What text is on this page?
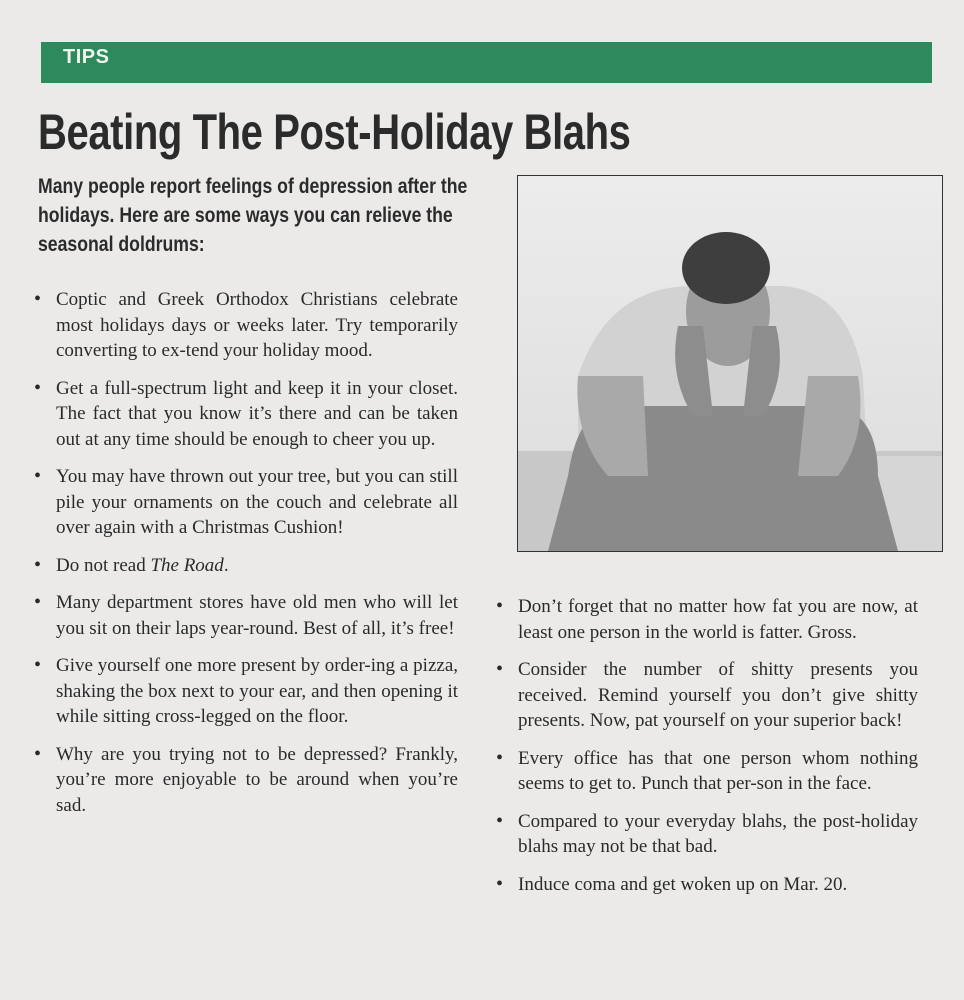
TIPS
Beating The Post-Holiday Blahs
Many people report feelings of depression after the holidays. Here are some ways you can relieve the seasonal doldrums:
• Coptic and Greek Orthodox Christians celebrate most holidays days or weeks later. Try temporarily converting to ex-tend your holiday mood.
• Get a full-spectrum light and keep it in your closet. The fact that you know it’s there and can be taken out at any time should be enough to cheer you up.
• You may have thrown out your tree, but you can still pile your ornaments on the couch and celebrate all over again with a Christmas Cushion!
• Do not read The Road.
• Many department stores have old men who will let you sit on their laps year-round. Best of all, it’s free!
• Give yourself one more present by order-ing a pizza, shaking the box next to your ear, and then opening it while sitting cross-legged on the floor.
• Why are you trying not to be depressed? Frankly, you’re more enjoyable to be around when you’re sad.
• Don’t forget that no matter how fat you are now, at least one person in the world is fatter. Gross.
• Consider the number of shitty presents you received. Remind yourself you don’t give shitty presents. Now, pat yourself on your superior back!
• Every office has that one person whom nothing seems to get to. Punch that per-son in the face.
• Compared to your everyday blahs, the post-holiday blahs may not be that bad.
• Induce coma and get woken up on Mar. 20.
